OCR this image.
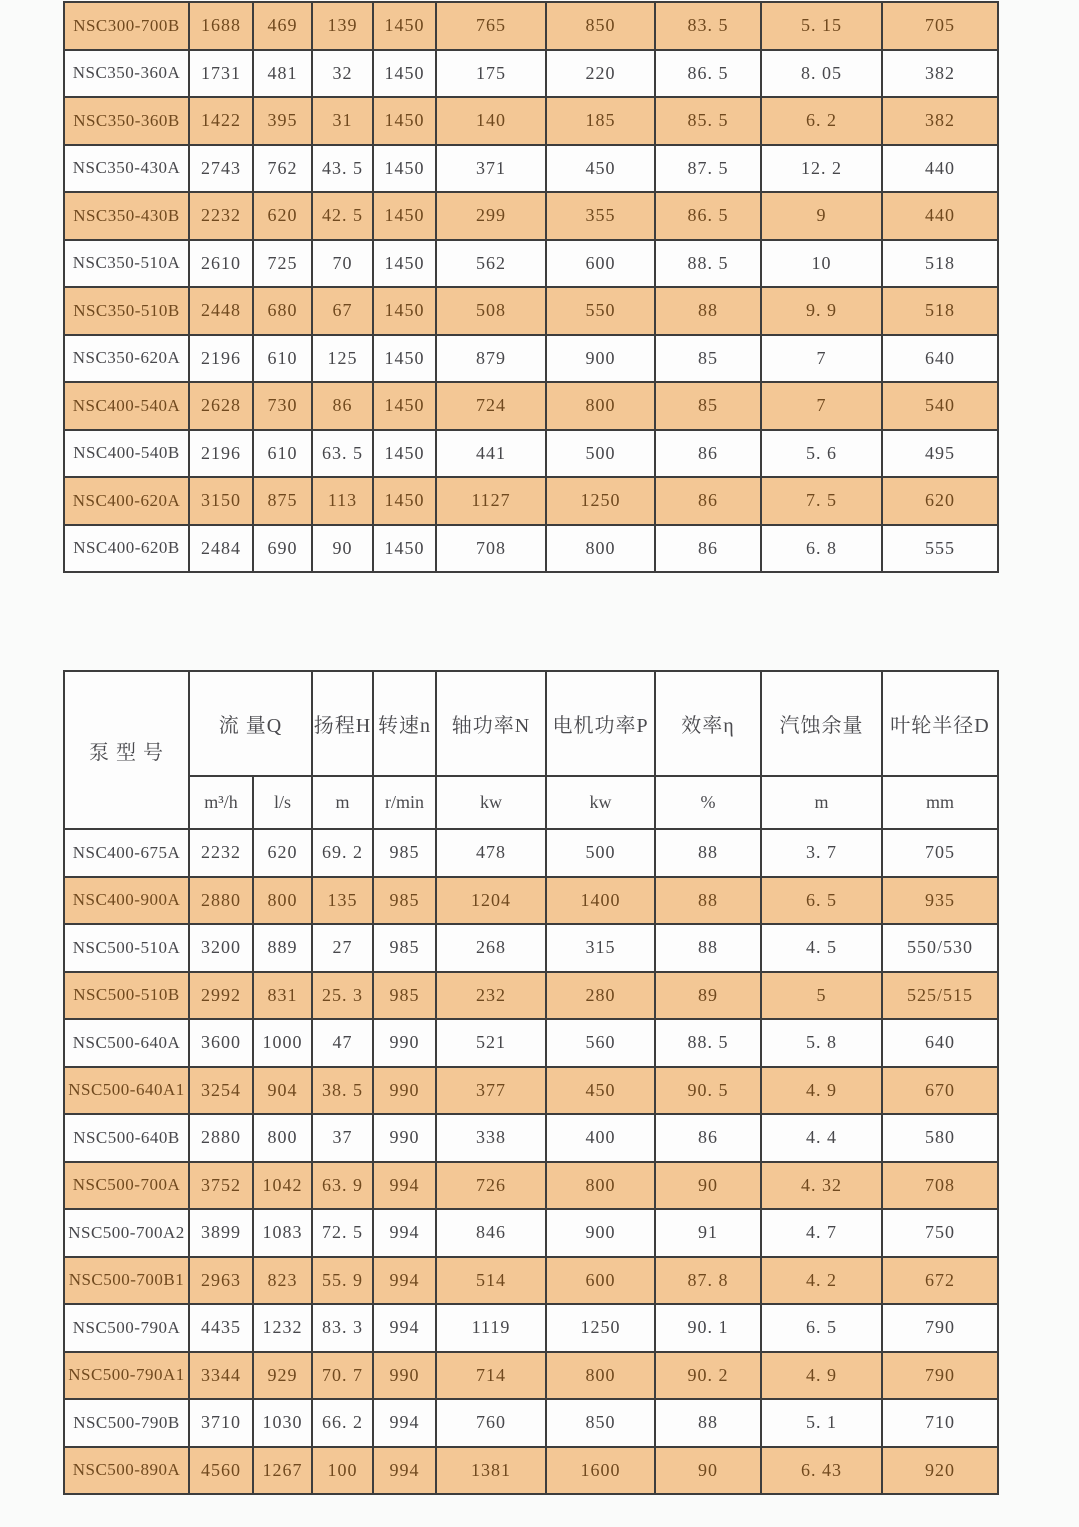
NSC300-700B	1688	469	139	1450	765	850	83. 5	5. 15	705
NSC350-360A	1731	481	32	1450	175	220	86. 5	8. 05	382
NSC350-360B	1422	395	31	1450	140	185	85. 5	6. 2	382
NSC350-430A	2743	762	43. 5	1450	371	450	87. 5	12. 2	440
NSC350-430B	2232	620	42. 5	1450	299	355	86. 5	9	440
NSC350-510A	2610	725	70	1450	562	600	88. 5	10	518
NSC350-510B	2448	680	67	1450	508	550	88	9. 9	518
NSC350-620A	2196	610	125	1450	879	900	85	7	640
NSC400-540A	2628	730	86	1450	724	800	85	7	540
NSC400-540B	2196	610	63. 5	1450	441	500	86	5. 6	495
NSC400-620A	3150	875	113	1450	1127	1250	86	7. 5	620
NSC400-620B	2484	690	90	1450	708	800	86	6. 8	555
泵 型 号	流 量Q		扬程H	转速n	轴功率N	电机功率P	效率η	汽蚀余量	叶轮半径D
	m³/h	l/s	m	r/min	kw	kw	%	m	mm
NSC400-675A	2232	620	69. 2	985	478	500	88	3. 7	705
NSC400-900A	2880	800	135	985	1204	1400	88	6. 5	935
NSC500-510A	3200	889	27	985	268	315	88	4. 5	550/530
NSC500-510B	2992	831	25. 3	985	232	280	89	5	525/515
NSC500-640A	3600	1000	47	990	521	560	88. 5	5. 8	640
NSC500-640A1	3254	904	38. 5	990	377	450	90. 5	4. 9	670
NSC500-640B	2880	800	37	990	338	400	86	4. 4	580
NSC500-700A	3752	1042	63. 9	994	726	800	90	4. 32	708
NSC500-700A2	3899	1083	72. 5	994	846	900	91	4. 7	750
NSC500-700B1	2963	823	55. 9	994	514	600	87. 8	4. 2	672
NSC500-790A	4435	1232	83. 3	994	1119	1250	90. 1	6. 5	790
NSC500-790A1	3344	929	70. 7	990	714	800	90. 2	4. 9	790
NSC500-790B	3710	1030	66. 2	994	760	850	88	5. 1	710
NSC500-890A	4560	1267	100	994	1381	1600	90	6. 43	920
